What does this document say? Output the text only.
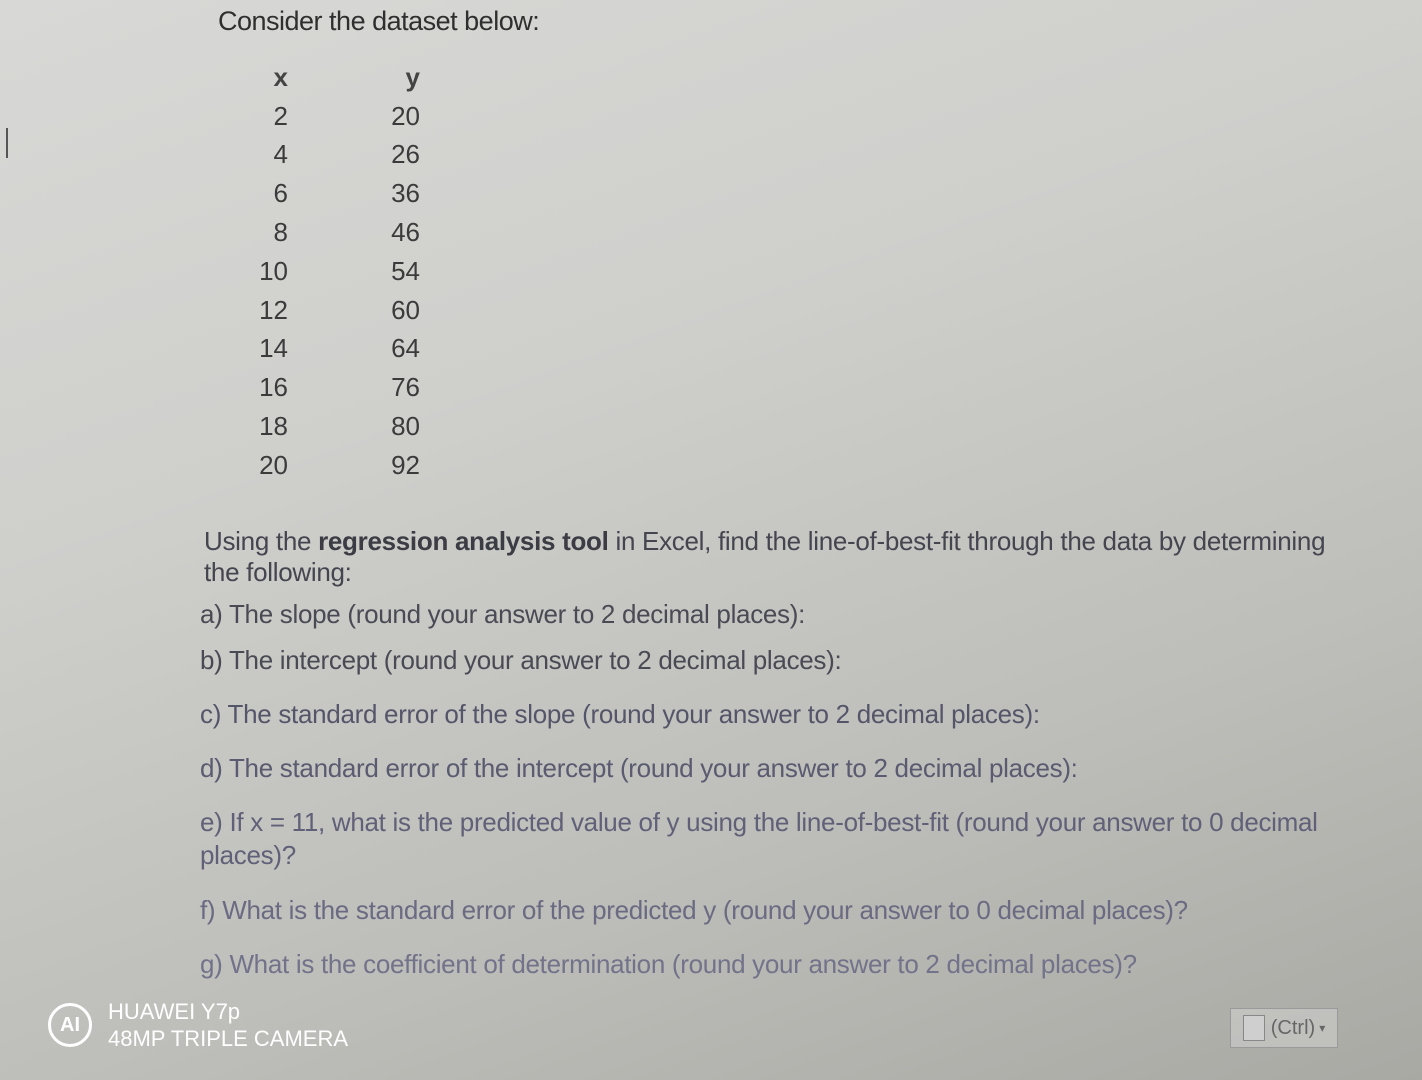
Consider the dataset below:
x		y
2		20
4		26
6		36
8		46
10		54
12		60
14		64
16		76
18		80
20		92

Using the regression analysis tool in Excel, find the line-of-best-fit through the data by determining the following:

a) The slope (round your answer to 2 decimal places):

b) The intercept (round your answer to 2 decimal places):

c) The standard error of the slope (round your answer to 2 decimal places):

d) The standard error of the intercept (round your answer to 2 decimal places):

e) If x = 11, what is the predicted value of y using the line-of-best-fit (round your answer to 0 decimal places)?

f) What is the standard error of the predicted y (round your answer to 0 decimal places)?

g) What is the coefficient of determination (round your answer to 2 decimal places)?

AI
HUAWEI Y7p
48MP TRIPLE CAMERA	(Ctrl) ▾
